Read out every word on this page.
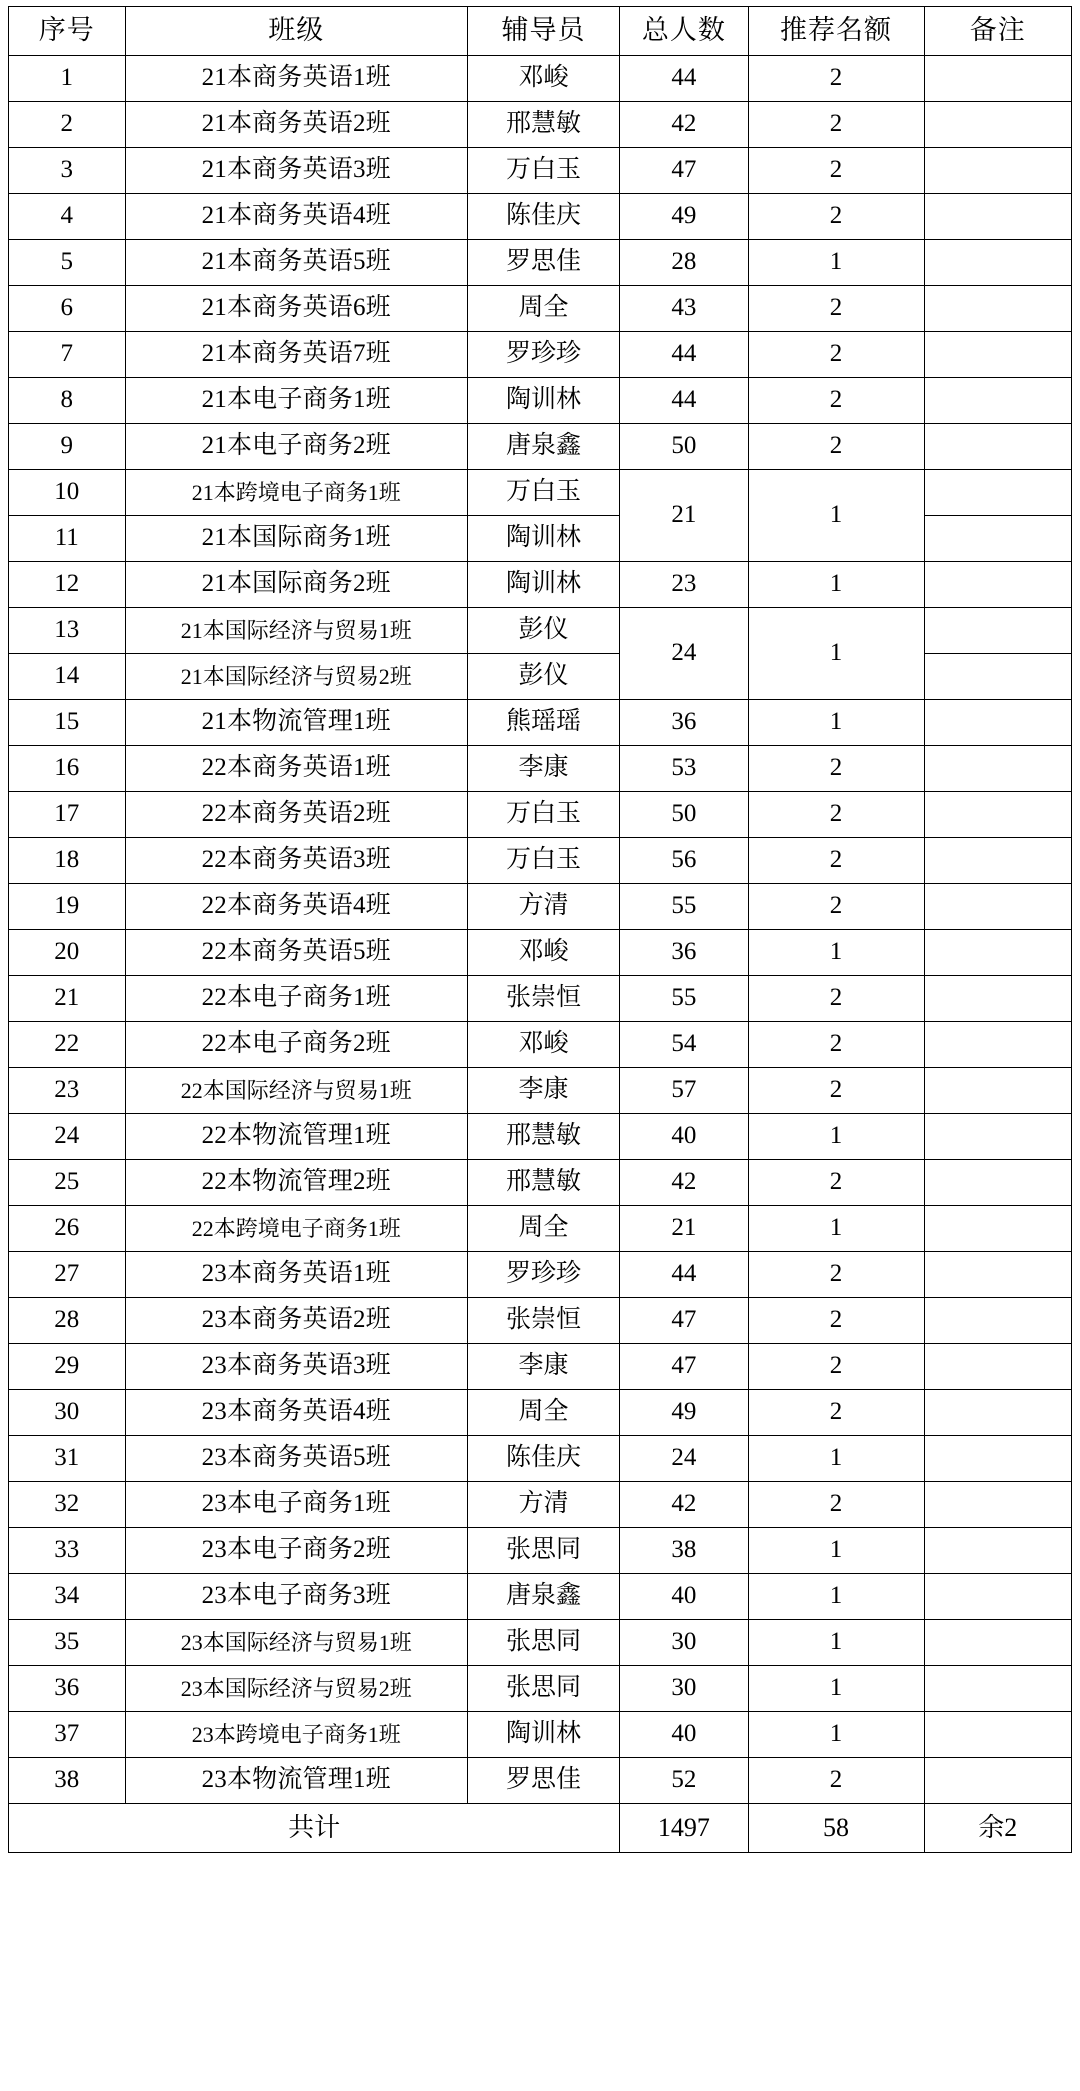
序号	班级	辅导员	总人数	推荐名额	备注
1	21本商务英语1班	邓峻	44	2	
2	21本商务英语2班	邢慧敏	42	2	
3	21本商务英语3班	万白玉	47	2	
4	21本商务英语4班	陈佳庆	49	2	
5	21本商务英语5班	罗思佳	28	1	
6	21本商务英语6班	周全	43	2	
7	21本商务英语7班	罗珍珍	44	2	
8	21本电子商务1班	陶训林	44	2	
9	21本电子商务2班	唐泉鑫	50	2	
10	21本跨境电子商务1班	万白玉	21	1	
11	21本国际商务1班	陶训林			
12	21本国际商务2班	陶训林	23	1	
13	21本国际经济与贸易1班	彭仪	24	1	
14	21本国际经济与贸易2班	彭仪			
15	21本物流管理1班	熊瑶瑶	36	1	
16	22本商务英语1班	李康	53	2	
17	22本商务英语2班	万白玉	50	2	
18	22本商务英语3班	万白玉	56	2	
19	22本商务英语4班	方清	55	2	
20	22本商务英语5班	邓峻	36	1	
21	22本电子商务1班	张崇恒	55	2	
22	22本电子商务2班	邓峻	54	2	
23	22本国际经济与贸易1班	李康	57	2	
24	22本物流管理1班	邢慧敏	40	1	
25	22本物流管理2班	邢慧敏	42	2	
26	22本跨境电子商务1班	周全	21	1	
27	23本商务英语1班	罗珍珍	44	2	
28	23本商务英语2班	张崇恒	47	2	
29	23本商务英语3班	李康	47	2	
30	23本商务英语4班	周全	49	2	
31	23本商务英语5班	陈佳庆	24	1	
32	23本电子商务1班	方清	42	2	
33	23本电子商务2班	张思同	38	1	
34	23本电子商务3班	唐泉鑫	40	1	
35	23本国际经济与贸易1班	张思同	30	1	
36	23本国际经济与贸易2班	张思同	30	1	
37	23本跨境电子商务1班	陶训林	40	1	
38	23本物流管理1班	罗思佳	52	2	
共计			1497	58	余2
